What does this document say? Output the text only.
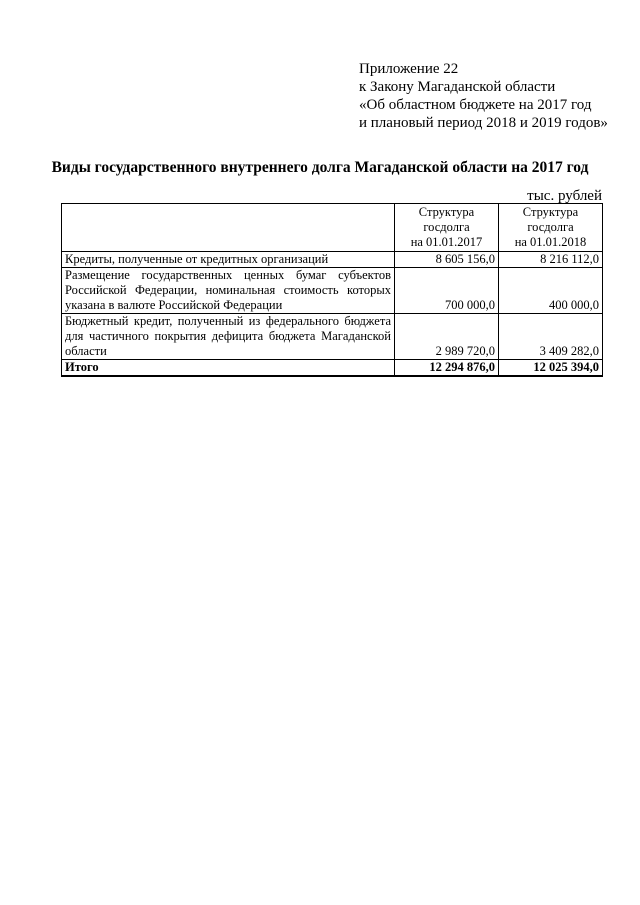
Приложение 22
к Закону Магаданской области
«Об областном бюджете на 2017 год
и плановый период 2018 и 2019 годов»
Виды государственного внутреннего долга Магаданской области на 2017 год
тыс. рублей
	Структура
госдолга
на 01.01.2017	Структура
госдолга
на 01.01.2018
Кредиты, полученные от кредитных организаций	8 605 156,0	8 216 112,0
Размещение государственных ценных бумаг субъектов Российской Федерации, номинальная стоимость которых указана в валюте Российской Федерации	700 000,0	400 000,0
Бюджетный кредит, полученный из федерального бюджета для частичного покрытия дефицита бюджета Магаданской области	2 989 720,0	3 409 282,0
Итого	12 294 876,0	12 025 394,0
